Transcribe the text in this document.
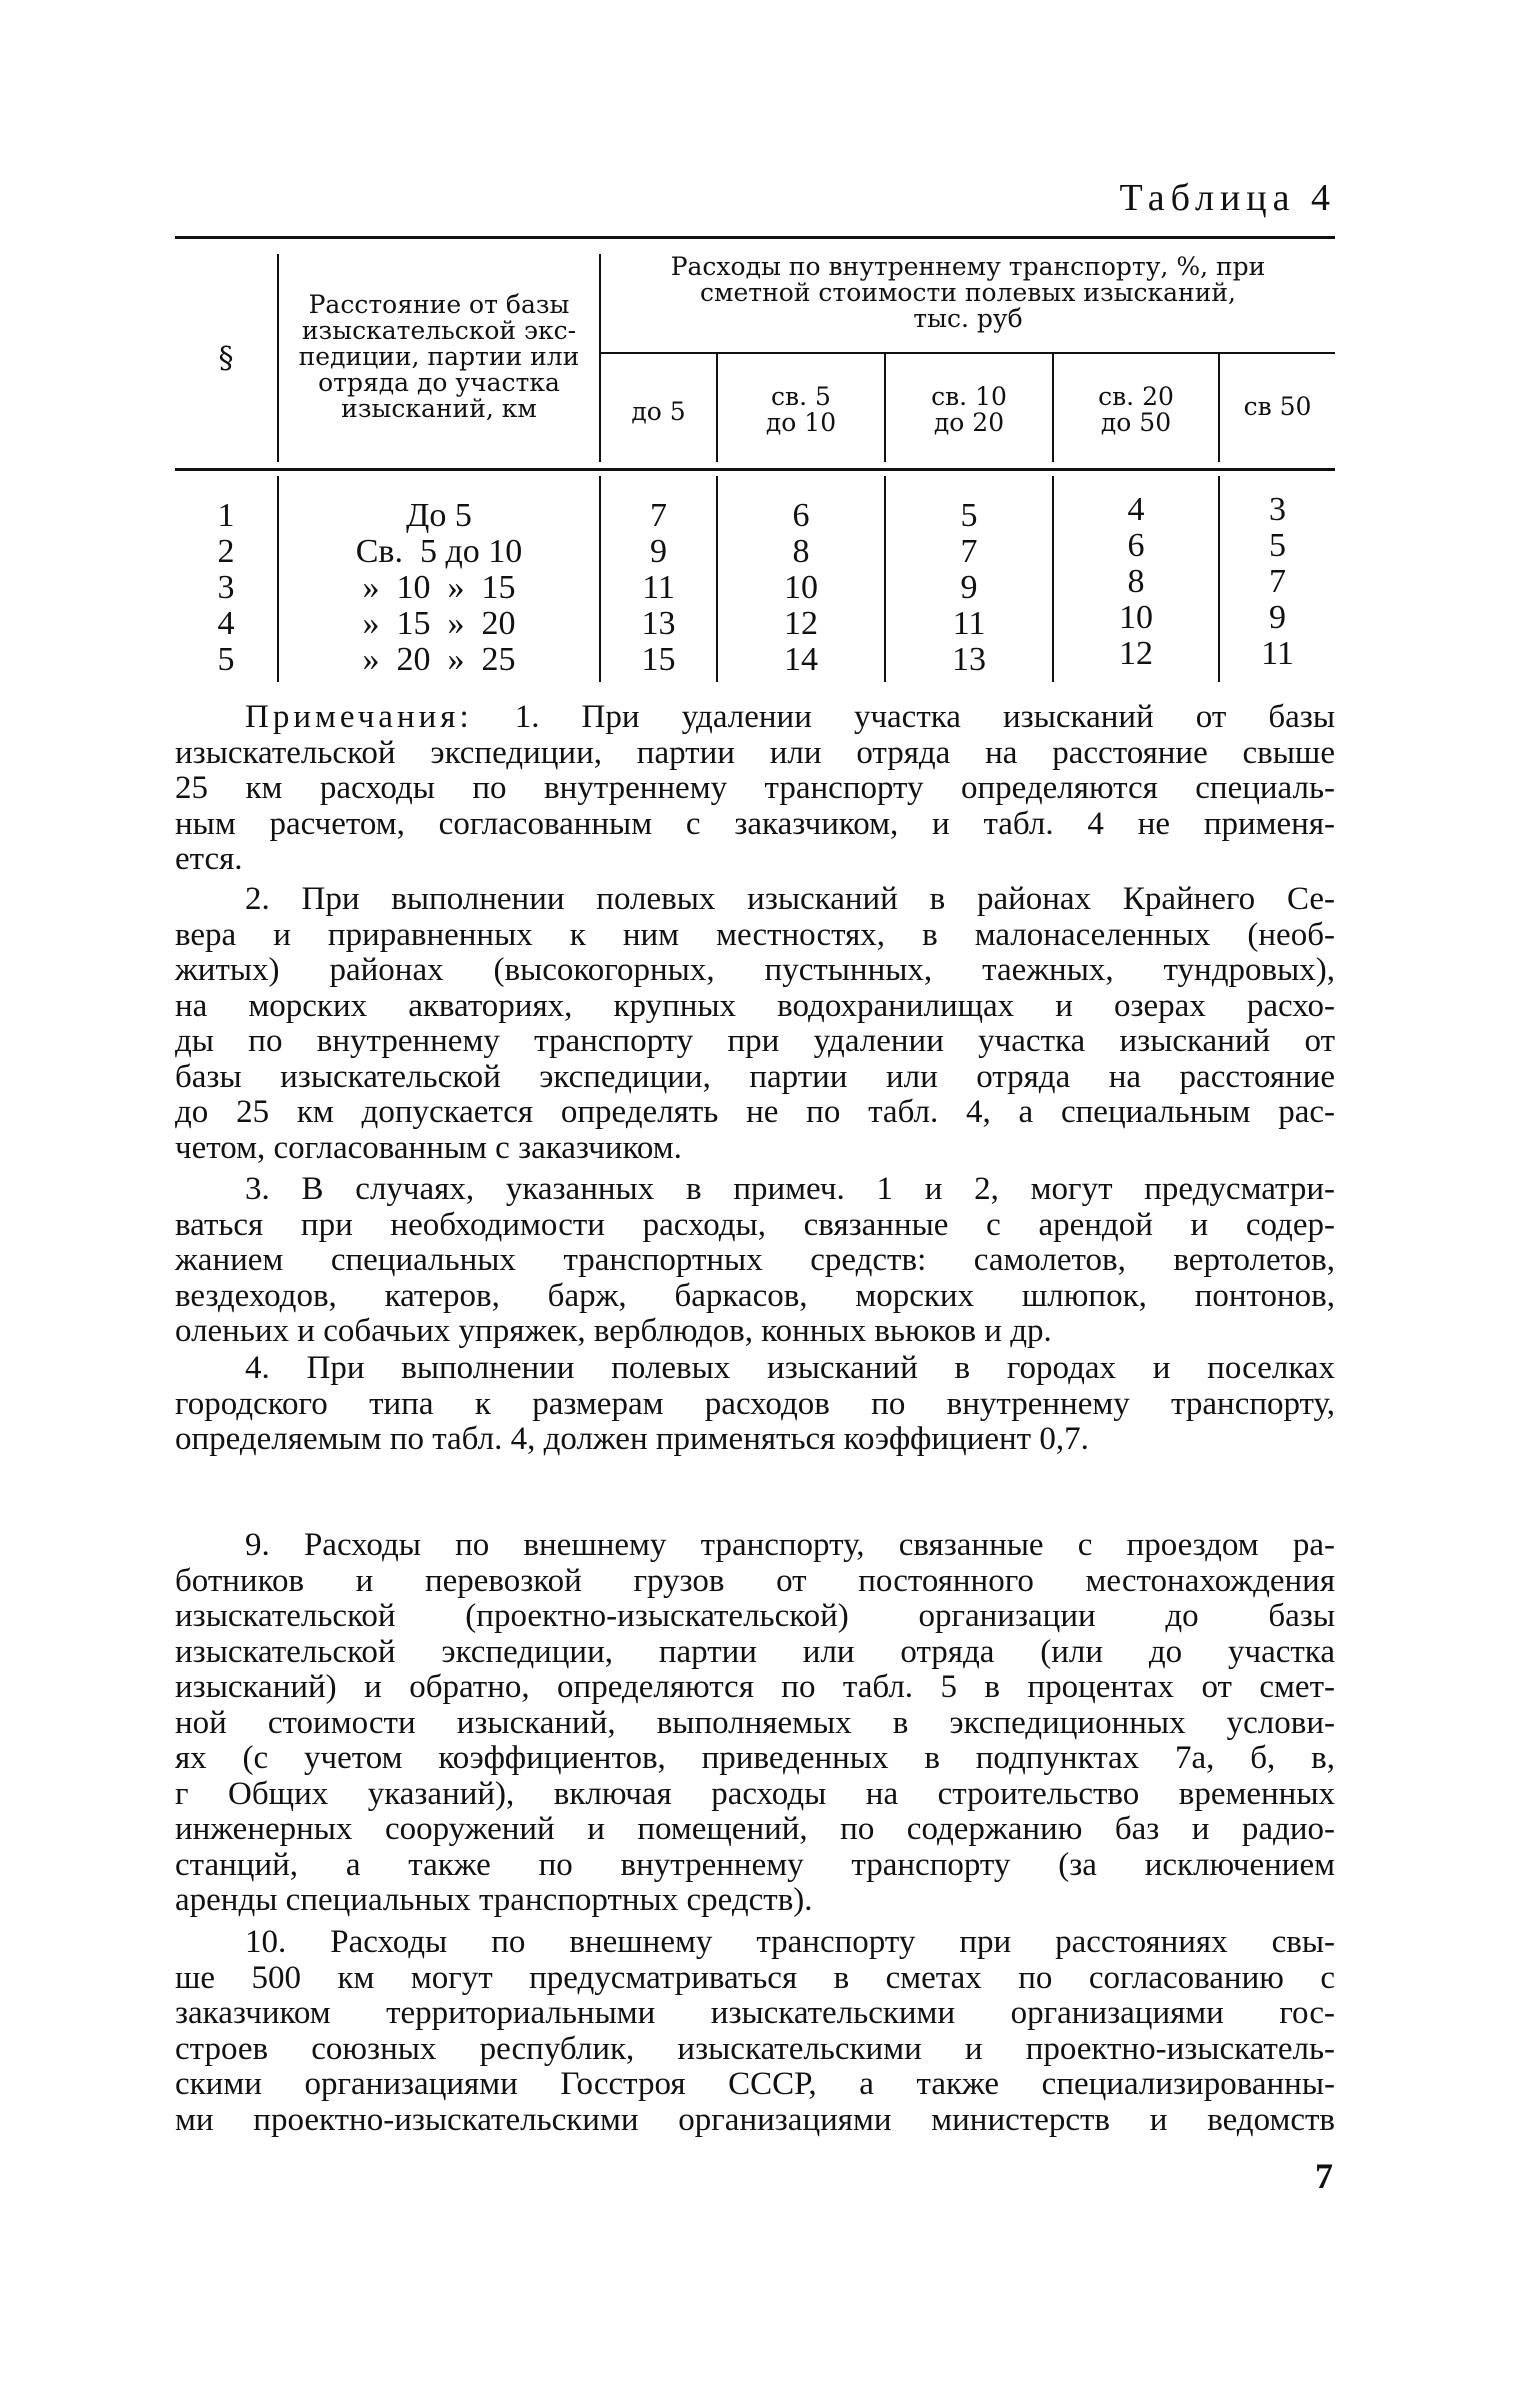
Таблица 4
§
Расстояние от базы
изыскательской экс-
педиции, партии или
отряда до участка
изысканий, км
Расходы по внутреннему транспорту, %, при
сметной стоимости полевых изысканий,
тыс. руб
до 5
св. 5
до 10
св. 10
до 20
св. 20
до 50
св 50
1
2
3
4
5
До 5
Св.  5 до 10
»  10  »  15
»  15  »  20
»  20  »  25
7
9
11
13
15
6
8
10
12
14
5
7
9
11
13
4
6
8
10
12
3
5
7
9
11
Примечания: 1. При удалении участка изысканий от базы
изыскательской экспедиции, партии или отряда на расстояние свыше
25 км расходы по внутреннему транспорту определяются специаль-
ным расчетом, согласованным с заказчиком, и табл. 4 не применя-
ется.
2. При выполнении полевых изысканий в районах Крайнего Се-
вера и приравненных к ним местностях, в малонаселенных (необ-
житых) районах (высокогорных, пустынных, таежных, тундровых),
на морских акваториях, крупных водохранилищах и озерах расхо-
ды по внутреннему транспорту при удалении участка изысканий от
базы изыскательской экспедиции, партии или отряда на расстояние
до 25 км допускается определять не по табл. 4, а специальным рас-
четом, согласованным с заказчиком.
3. В случаях, указанных в примеч. 1 и 2, могут предусматри-
ваться при необходимости расходы, связанные с арендой и содер-
жанием специальных транспортных средств: самолетов, вертолетов,
вездеходов, катеров, барж, баркасов, морских шлюпок, понтонов,
оленьих и собачьих упряжек, верблюдов, конных вьюков и др.
4. При выполнении полевых изысканий в городах и поселках
городского типа к размерам расходов по внутреннему транспорту,
определяемым по табл. 4, должен применяться коэффициент 0,7.
9. Расходы по внешнему транспорту, связанные с проездом ра-
ботников и перевозкой грузов от постоянного местонахождения
изыскательской (проектно-изыскательской) организации до базы
изыскательской экспедиции, партии или отряда (или до участка
изысканий) и обратно, определяются по табл. 5 в процентах от смет-
ной стоимости изысканий, выполняемых в экспедиционных услови-
ях (с учетом коэффициентов, приведенных в подпунктах 7а, б, в,
г Общих указаний), включая расходы на строительство временных
инженерных сооружений и помещений, по содержанию баз и радио-
станций, а также по внутреннему транспорту (за исключением
аренды специальных транспортных средств).
10. Расходы по внешнему транспорту при расстояниях свы-
ше 500 км могут предусматриваться в сметах по согласованию с
заказчиком территориальными изыскательскими организациями гос-
строев союзных республик, изыскательскими и проектно-изыскатель-
скими организациями Госстроя СССР, а также специализированны-
ми проектно-изыскательскими организациями министерств и ведомств
7
